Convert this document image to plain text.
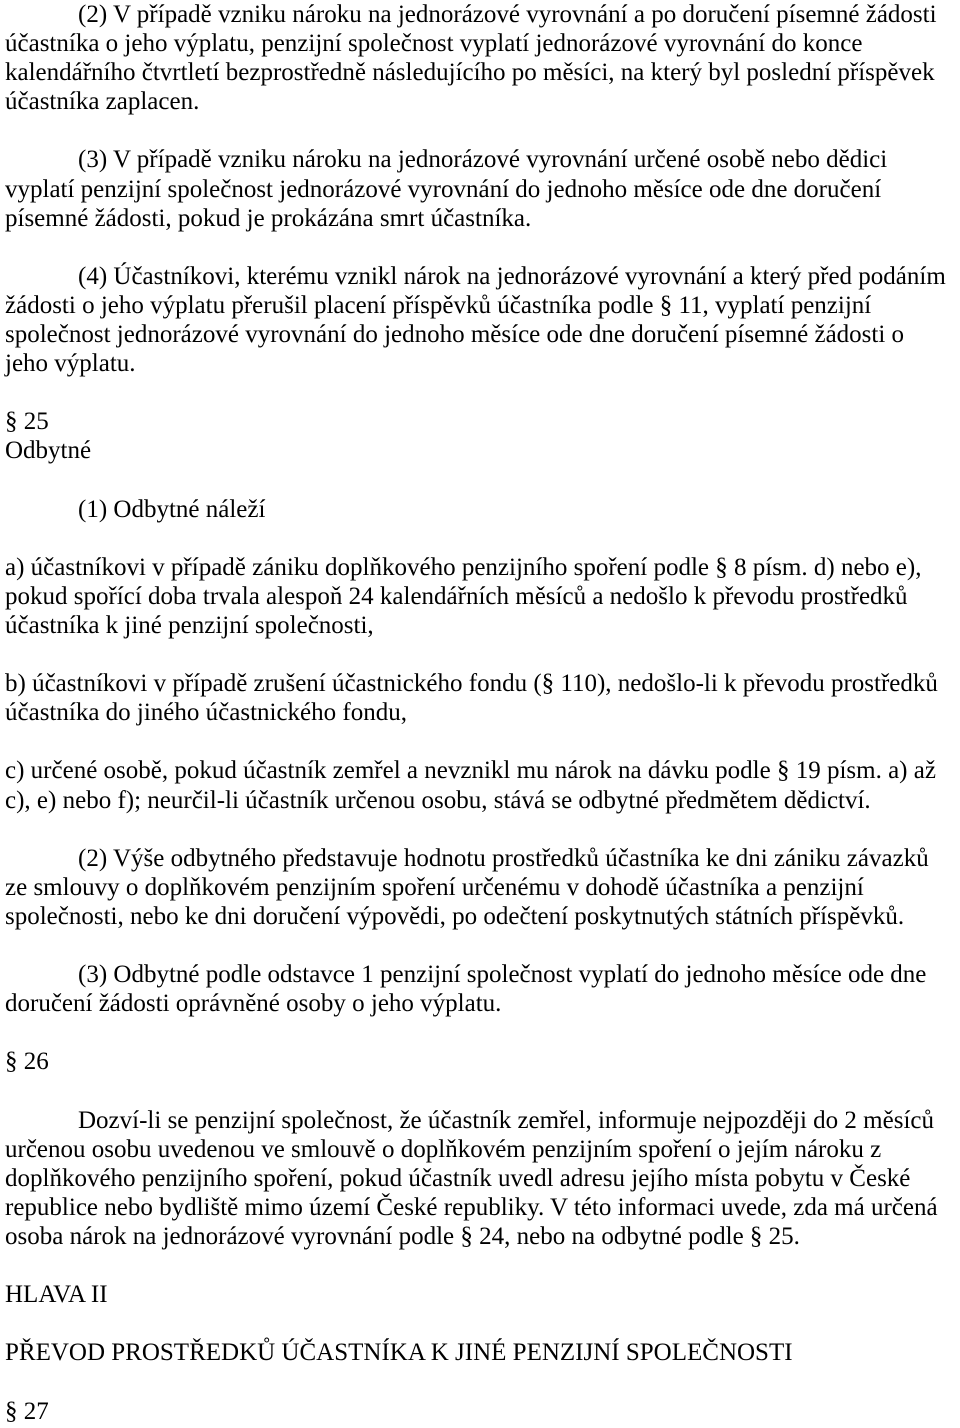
(2) V případě vzniku nároku na jednorázové vyrovnání a po doručení písemné žádosti
účastníka o jeho výplatu, penzijní společnost vyplatí jednorázové vyrovnání do konce
kalendářního čtvrtletí bezprostředně následujícího po měsíci, na který byl poslední příspěvek
účastníka zaplacen.
(3) V případě vzniku nároku na jednorázové vyrovnání určené osobě nebo dědici
vyplatí penzijní společnost jednorázové vyrovnání do jednoho měsíce ode dne doručení
písemné žádosti, pokud je prokázána smrt účastníka.
(4) Účastníkovi, kterému vznikl nárok na jednorázové vyrovnání a který před podáním
žádosti o jeho výplatu přerušil placení příspěvků účastníka podle § 11, vyplatí penzijní
společnost jednorázové vyrovnání do jednoho měsíce ode dne doručení písemné žádosti o
jeho výplatu.
§ 25
Odbytné
(1) Odbytné náleží
a) účastníkovi v případě zániku doplňkového penzijního spoření podle § 8 písm. d) nebo e),
pokud spořící doba trvala alespoň 24 kalendářních měsíců a nedošlo k převodu prostředků
účastníka k jiné penzijní společnosti,
b) účastníkovi v případě zrušení účastnického fondu (§ 110), nedošlo-li k převodu prostředků
účastníka do jiného účastnického fondu,
c) určené osobě, pokud účastník zemřel a nevznikl mu nárok na dávku podle § 19 písm. a) až
c), e) nebo f); neurčil-li účastník určenou osobu, stává se odbytné předmětem dědictví.
(2) Výše odbytného představuje hodnotu prostředků účastníka ke dni zániku závazků
ze smlouvy o doplňkovém penzijním spoření určenému v dohodě účastníka a penzijní
společnosti, nebo ke dni doručení výpovědi, po odečtení poskytnutých státních příspěvků.
(3) Odbytné podle odstavce 1 penzijní společnost vyplatí do jednoho měsíce ode dne
doručení žádosti oprávněné osoby o jeho výplatu.
§ 26
Dozví-li se penzijní společnost, že účastník zemřel, informuje nejpozději do 2 měsíců
určenou osobu uvedenou ve smlouvě o doplňkovém penzijním spoření o jejím nároku z
doplňkového penzijního spoření, pokud účastník uvedl adresu jejího místa pobytu v České
republice nebo bydliště mimo území České republiky. V této informaci uvede, zda má určená
osoba nárok na jednorázové vyrovnání podle § 24, nebo na odbytné podle § 25.
HLAVA II
PŘEVOD PROSTŘEDKŮ ÚČASTNÍKA K JINÉ PENZIJNÍ SPOLEČNOSTI
§ 27
